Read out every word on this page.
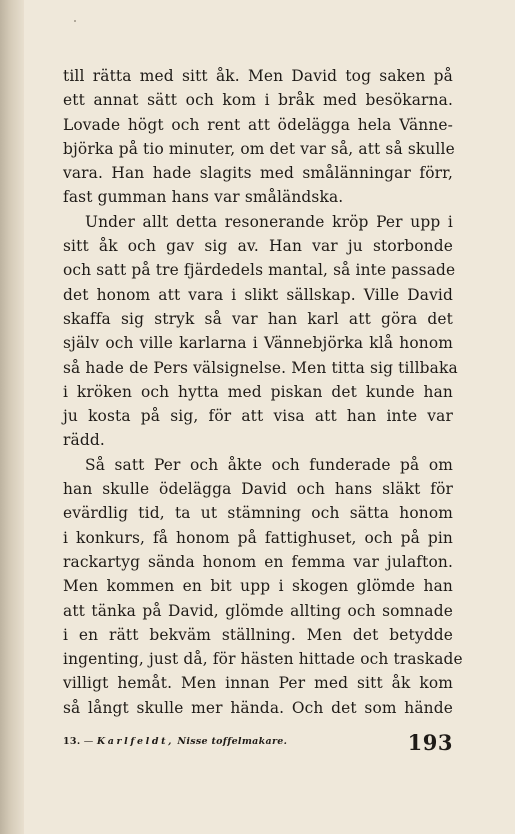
till rätta med sitt åk. Men David tog saken på
ett annat sätt och kom i bråk med besökarna.
Lovade högt och rent att ödelägga hela Vänne-
björka på tio minuter, om det var så, att så skulle
vara. Han hade slagits med smålänningar förr,
fast gumman hans var småländska.
Under allt detta resonerande kröp Per upp i
sitt åk och gav sig av. Han var ju storbonde
och satt på tre fjärdedels mantal, så inte passade
det honom att vara i slikt sällskap. Ville David
skaffa sig stryk så var han karl att göra det
själv och ville karlarna i Vännebjörka klå honom
så hade de Pers välsignelse. Men titta sig tillbaka
i kröken och hytta med piskan det kunde han
ju kosta på sig, för att visa att han inte var
rädd.
Så satt Per och åkte och funderade på om
han skulle ödelägga David och hans släkt för
evärdlig tid, ta ut stämning och sätta honom
i konkurs, få honom på fattighuset, och på pin
rackartyg sända honom en femma var julafton.
Men kommen en bit upp i skogen glömde han
att tänka på David, glömde allting och somnade
i en rätt bekväm ställning. Men det betydde
ingenting, just då, för hästen hittade och traskade
villigt hemåt. Men innan Per med sitt åk kom
så långt skulle mer hända. Och det som hände
13. — Karlfeldt, Nisse toffelmakare.	193
